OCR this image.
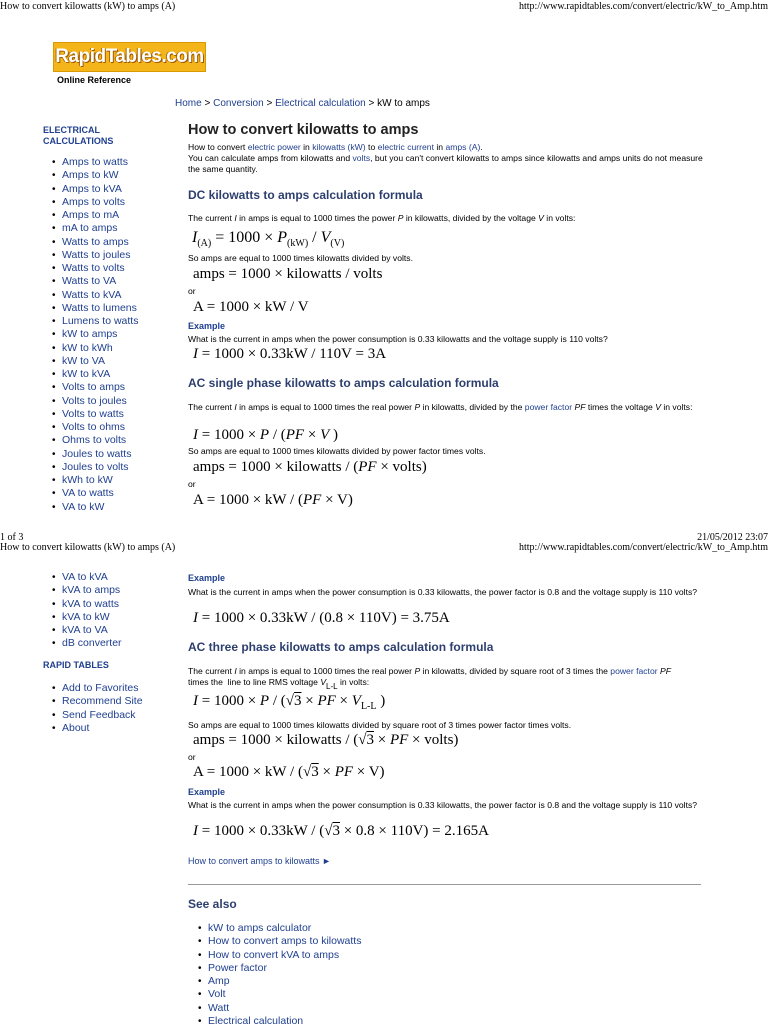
How to convert kilowatts (kW) to amps (A)	http://www.rapidtables.com/convert/electric/kW_to_Amp.htm
1 of 3	21/05/2012 23:07
How to convert kilowatts (kW) to amps (A)	http://www.rapidtables.com/convert/electric/kW_to_Amp.htm
RapidTables.com
Online Reference
Home > Conversion > Electrical calculation > kW to amps
ELECTRICAL CALCULATIONS
• Amps to watts
• Amps to kW
• Amps to kVA
• Amps to volts
• Amps to mA
• mA to amps
• Watts to amps
• Watts to joules
• Watts to volts
• Watts to VA
• Watts to kVA
• Watts to lumens
• Lumens to watts
• kW to amps
• kW to kWh
• kW to VA
• kW to kVA
• Volts to amps
• Volts to joules
• Volts to watts
• Volts to ohms
• Ohms to volts
• Joules to watts
• Joules to volts
• kWh to kW
• VA to watts
• VA to kW
• VA to kVA
• kVA to amps
• kVA to watts
• kVA to kW
• kVA to VA
• dB converter
RAPID TABLES
• Add to Favorites
• Recommend Site
• Send Feedback
• About
How to convert kilowatts to amps
How to convert electric power in kilowatts (kW) to electric current in amps (A).
You can calculate amps from kilowatts and volts, but you can't convert kilowatts to amps since kilowatts and amps units do not measure the same quantity.
DC kilowatts to amps calculation formula
The current I in amps is equal to 1000 times the power P in kilowatts, divided by the voltage V in volts:
$I_{(A)} = 1000 \times P_{(kW)} / V_{(V)}$
So amps are equal to 1000 times kilowatts divided by volts.
amps = 1000 × kilowatts / volts
or
A = 1000 × kW / V
Example
What is the current in amps when the power consumption is 0.33 kilowatts and the voltage supply is 110 volts?
I = 1000 × 0.33kW / 110V = 3A
AC single phase kilowatts to amps calculation formula
The current I in amps is equal to 1000 times the real power P in kilowatts, divided by the power factor PF times the voltage V in volts:
I = 1000 × P / (PF × V )
So amps are equal to 1000 times kilowatts divided by power factor times volts.
amps = 1000 × kilowatts / (PF × volts)
or
A = 1000 × kW / (PF × V)
Example
What is the current in amps when the power consumption is 0.33 kilowatts, the power factor is 0.8 and the voltage supply is 110 volts?
I = 1000 × 0.33kW / (0.8 × 110V) = 3.75A
AC three phase kilowatts to amps calculation formula
The current I in amps is equal to 1000 times the real power P in kilowatts, divided by square root of 3 times the power factor PF
times the  line to line RMS voltage VL-L in volts:
I = 1000 × P / (√3 × PF × $V_{L-L}$ )
So amps are equal to 1000 times kilowatts divided by square root of 3 times power factor times volts.
amps = 1000 × kilowatts / (√3 × PF × volts)
or
A = 1000 × kW / (√3 × PF × V)
Example
What is the current in amps when the power consumption is 0.33 kilowatts, the power factor is 0.8 and the voltage supply is 110 volts?
I = 1000 × 0.33kW / (√3 × 0.8 × 110V) = 2.165A
How to convert amps to kilowatts ►
See also
• kW to amps calculator
• How to convert amps to kilowatts
• How to convert kVA to amps
• Power factor
• Amp
• Volt
• Watt
• Electrical calculation
